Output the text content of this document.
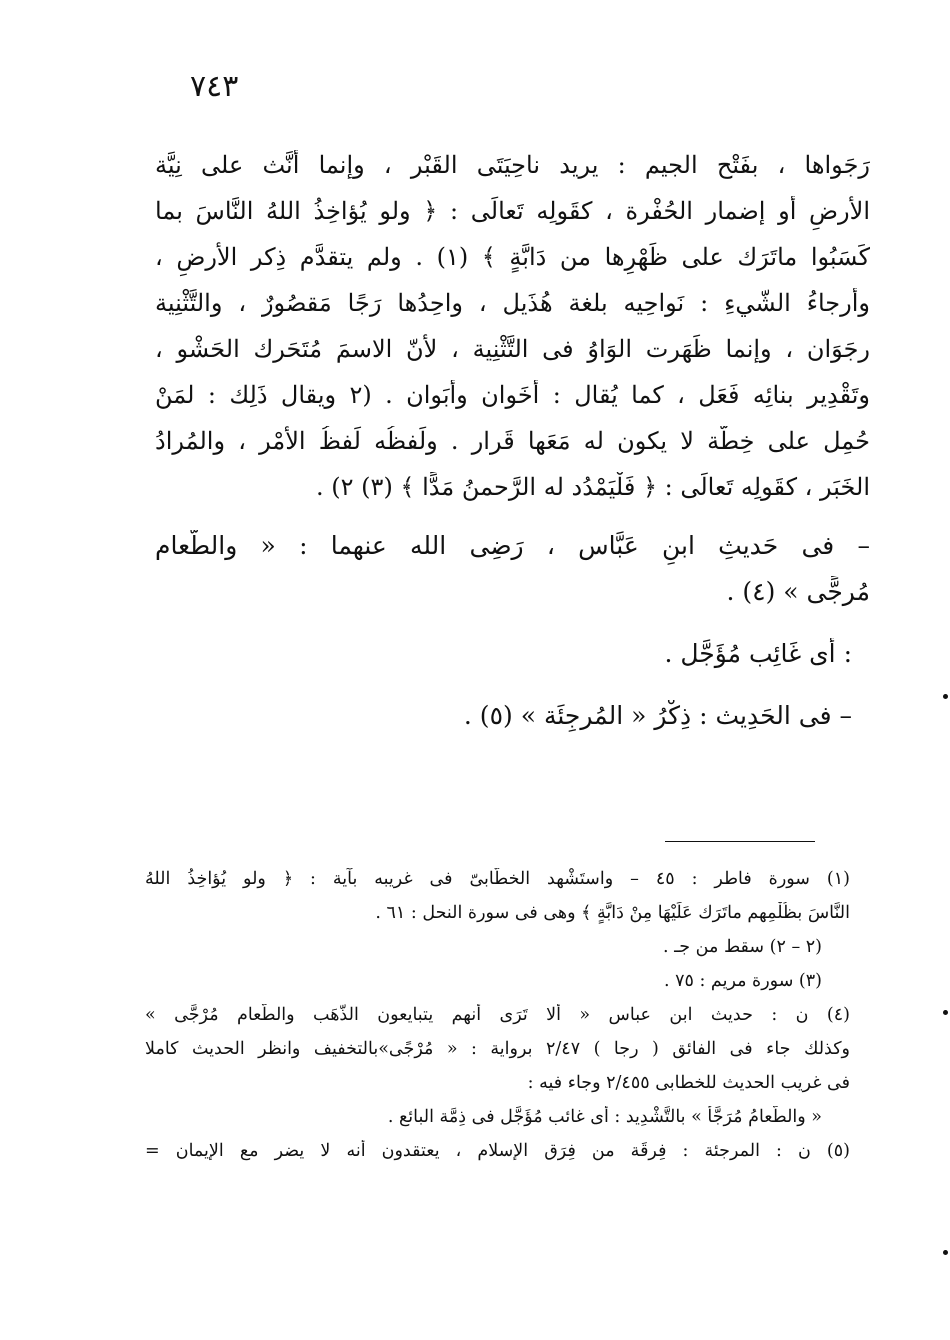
٧٤٣
رَجَواها ، بفَتْح الجيم : يريد ناحِيَتَى القَبْر ، وإنما أَنَّث على نِيَّة
الأَرضِ أو إضمار الحُفْرة ، كقَولِه تَعالَى : ﴿ ولو يُؤاخِذُ اللهُ النَّاسَ بما
كَسَبُوا ماتَرَك على ظَهْرِها من دَابَّةٍ ﴾ (١) . ولم يتقدَّم ذِكر الأَرضِ ،
وأَرجاءُ الشّيءِ : نَواحِيه بلغة هُذَيل ، واحِدُها رَجًا مَقصُورٌ ، والتَّثْنِية
رجَوَان ، وإنما ظَهَرت الوَاوُ فى التَّثْنِية ، لأَنّ الاسمَ مُتَحَرك الحَشْو ،
وتَقْدِير بنائِه فَعَل ، كما يُقال : أَخَوان وأَبَوان . (٢ ويقال ذَلِك : لمَنْ
حُمِل على خِطَّة لا يكون له مَعَها قَرار . ولَفظُه لَفظُ الأَمْر ، والمُرادُ
الخَبَر ، كقَولِه تَعالَى : ﴿ فَلْيَمْدُد له الرَّحمنُ مَدًّا ﴾ (٣) ٢) .
– فى حَديثِ ابنِ عَبَّاس ، رَضِى الله عنهما : « والطَّعام
مُرجًّى » (٤) .
: أى غَائِب مُؤَجَّل .
– فى الحَدِيث : ذِكْرُ « المُرجِئَة » (٥) .
(١) سورة فاطر : ٤٥ – واستَشْهد الخطَّابىّ فى غريبه بآية : ﴿ ولو يُؤاخِذُ اللهُ
النَّاسَ بظُلْمِهم ماتَرَك عَلَيْهَا مِنْ دَابَّةٍ ﴾ وهى فى سورة النحل : ٦١ .
(٢ – ٢) سقط من جـ .
(٣) سورة مريم : ٧٥ .
(٤) ن : حديث ابن عباس « ألا تَرَى أنهم يتبايعون الذَّهَب والطَّعام مُرْجًّى »
وكذلك جاء فى الفائق ( رجا ) ٢/٤٧ برواية : « مُرْجًى»بالتخفيف وانظر الحديث كاملا
فى غريب الحديث للخطابى ٢/٤٥٥ وجاء فيه :
« والطَّعامُ مُرَجًّأُ » بالتَّشْدِيد : أى غائب مُؤَجَّل فى ذِمَّة البائع .
(٥) ن : المرجئة : فِرقَة من فِرَق الإسلام ، يعتقدون أنه لا يضر مع الإيمان =
